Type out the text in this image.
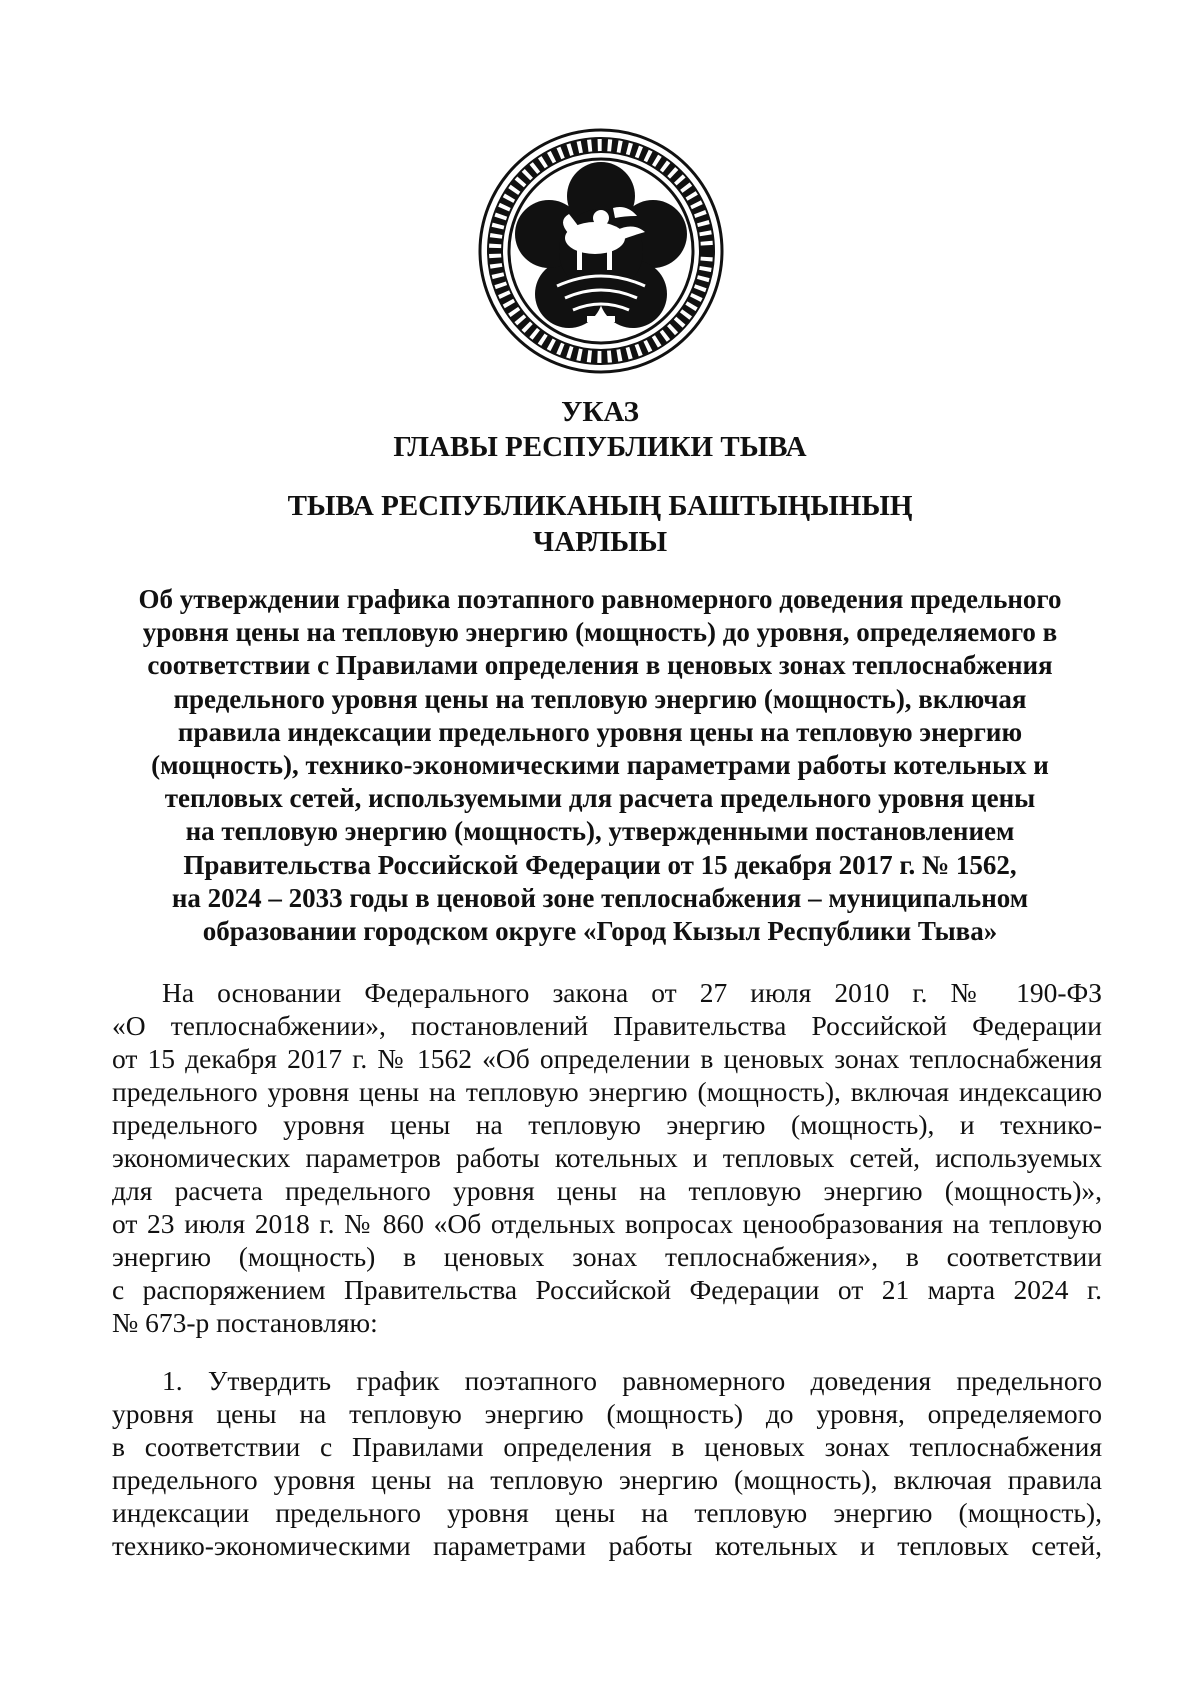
УКАЗ
ГЛАВЫ РЕСПУБЛИКИ ТЫВА
ТЫВА РЕСПУБЛИКАНЫҢ БАШТЫҢЫНЫҢ
ЧАРЛЫЫ
Об утверждении графика поэтапного равномерного доведения предельного
уровня цены на тепловую энергию (мощность) до уровня, определяемого в
соответствии с Правилами определения в ценовых зонах теплоснабжения
предельного уровня цены на тепловую энергию (мощность), включая
правила индексации предельного уровня цены на тепловую энергию
(мощность), технико-экономическими параметрами работы котельных и
тепловых сетей, используемыми для расчета предельного уровня цены
на тепловую энергию (мощность), утвержденными постановлением
Правительства Российской Федерации от 15 декабря 2017 г. № 1562,
на 2024 – 2033 годы в ценовой зоне теплоснабжения – муниципальном
образовании городском округе «Город Кызыл Республики Тыва»
На основании Федерального закона от 27 июля 2010 г. № 190-ФЗ
«О теплоснабжении», постановлений Правительства Российской Федерации
от 15 декабря 2017 г. № 1562 «Об определении в ценовых зонах теплоснабжения
предельного уровня цены на тепловую энергию (мощность), включая индексацию
предельного уровня цены на тепловую энергию (мощность), и технико-
экономических параметров работы котельных и тепловых сетей, используемых
для расчета предельного уровня цены на тепловую энергию (мощность)»,
от 23 июля 2018 г. № 860 «Об отдельных вопросах ценообразования на тепловую
энергию (мощность) в ценовых зонах теплоснабжения», в соответствии
с распоряжением Правительства Российской Федерации от 21 марта 2024 г.
№ 673-р постановляю:
1. Утвердить график поэтапного равномерного доведения предельного
уровня цены на тепловую энергию (мощность) до уровня, определяемого
в соответствии с Правилами определения в ценовых зонах теплоснабжения
предельного уровня цены на тепловую энергию (мощность), включая правила
индексации предельного уровня цены на тепловую энергию (мощность),
технико-экономическими параметрами работы котельных и тепловых сетей,
